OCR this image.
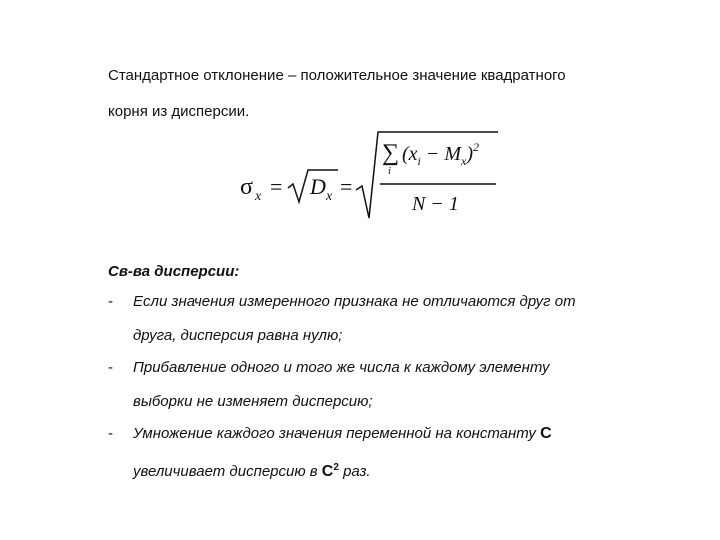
Стандартное отклонение – положительное значение квадратного
корня из дисперсии.
σ x = D x =
∑
i
$(x_i - M_x)^2$
N − 1
Св-ва дисперсии:
- Если значения измеренного признака не отличаются друг от
друга, дисперсия равна нулю;
- Прибавление одного и того же числа к каждому элементу
выборки не изменяет дисперсию;
- Умножение каждого значения переменной на константу С
увеличивает дисперсию в $С^2$ раз.
